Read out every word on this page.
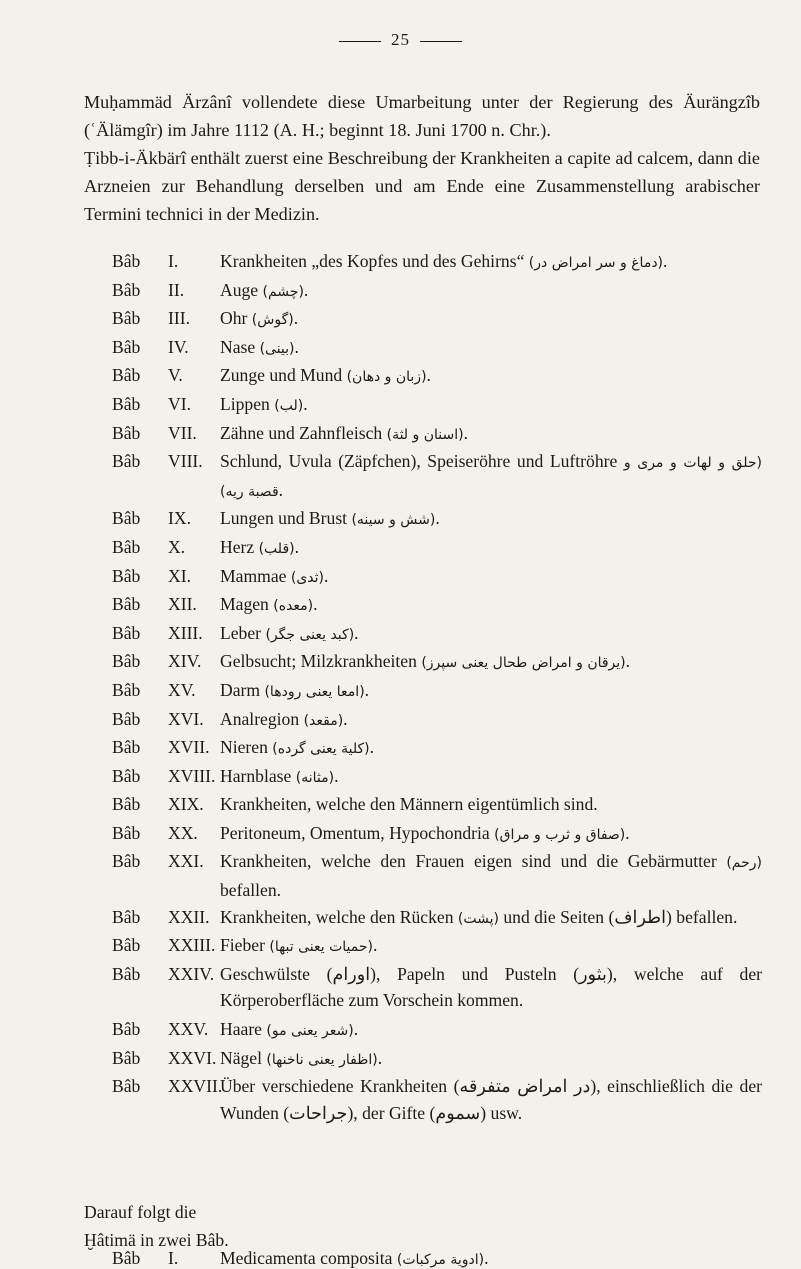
25

Muḥammäd Ärzânî vollendete diese Umarbeitung unter der Regierung des Äurängzîb (ʿÄlämgîr) im Jahre 1112 (A. H.; beginnt 18. Juni 1700 n. Chr.).

Ṭibb-i-Äkbärî enthält zuerst eine Beschreibung der Krankheiten a capite ad calcem, dann die Arzneien zur Behandlung derselben und am Ende eine Zusammenstellung arabischer Termini technici in der Medizin.

Bâb	I.	Krankheiten „des Kopfes und des Gehirns“ (دماغ و سر امراض در).
Bâb	II.	Auge (چشم).
Bâb	III.	Ohr (گوش).
Bâb	IV.	Nase (بینی).
Bâb	V.	Zunge und Mund (زبان و دهان).
Bâb	VI.	Lippen (لب).
Bâb	VII.	Zähne und Zahnfleisch (اسنان و لثة).
Bâb	VIII. Schlund, Uvula (Zäpfchen), Speiseröhre und Luftröhre (حلق و لهات و مری و قصبة ریه).
Bâb	IX.	Lungen und Brust (شش و سینه).
Bâb	X.	Herz (قلب).
Bâb	XI.	Mammae (ثدی).
Bâb	XII.	Magen (معده).
Bâb	XIII. Leber (کبد یعنی جگر).
Bâb	XIV.	Gelbsucht; Milzkrankheiten (یرقان و امراض طحال یعنی سپرز).
Bâb	XV.	Darm (امعا یعنی رودها).
Bâb	XVI. Analregion (مقعد).
Bâb	XVII. Nieren (کلیة یعنی گرده).
Bâb	XVIII. Harnblase (مثانه).
Bâb	XIX. Krankheiten, welche den Männern eigentümlich sind.
Bâb	XX.	Peritoneum, Omentum, Hypochondria (صفاق و ثرب و مراق).
Bâb	XXI. Krankheiten, welche den Frauen eigen sind und die Gebärmutter (رحم) befallen.
Bâb	XXII. Krankheiten, welche den Rücken (پشت) und die Seiten (اطراف) befallen.
Bâb	XXIII. Fieber (حمیات یعنی تبها).
Bâb	XXIV. Geschwülste (اورام), Papeln und Pusteln (بثور), welche auf der Körperoberfläche zum Vorschein kommen.
Bâb	XXV. Haare (شعر یعنی مو).
Bâb	XXVI. Nägel (اظفار یعنی ناخنها).
Bâb	XXVII.
Über verschiedene Krankheiten (در امراض متفرقه), einschließlich die der Wunden (جراحات), der Gifte (سموم) usw.
Darauf folgt die
Ḫâtimä in zwei Bâb.
Bâb	I.	Medicamenta composita (ادویة مرکبات).
